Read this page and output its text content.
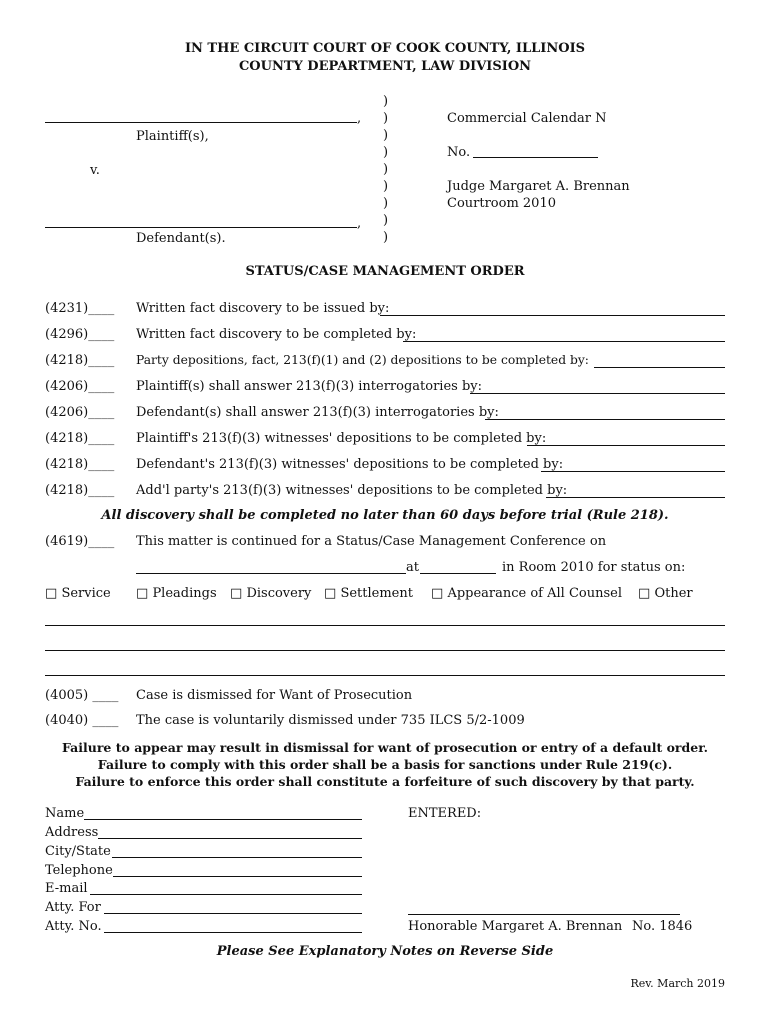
IN THE CIRCUIT COURT OF COOK COUNTY, ILLINOIS
COUNTY DEPARTMENT, LAW DIVISION
)
)
)
)
)
)
)
)
)
,
Plaintiff(s),
v.
,
Defendant(s).
Commercial Calendar N
No.
Judge Margaret A. Brennan
Courtroom 2010
STATUS/CASE MANAGEMENT ORDER
(4231)____ Written fact discovery to be issued by:
(4296)____ Written fact discovery to be completed by:
(4218)____ Party depositions, fact, 213(f)(1) and (2) depositions to be completed by:
(4206)____ Plaintiff(s) shall answer 213(f)(3) interrogatories by:
(4206)____ Defendant(s) shall answer 213(f)(3) interrogatories by:
(4218)____ Plaintiff's 213(f)(3) witnesses' depositions to be completed by:
(4218)____ Defendant's 213(f)(3) witnesses' depositions to be completed by:
(4218)____ Add'l party's 213(f)(3) witnesses' depositions to be completed by:
All discovery shall be completed no later than 60 days before trial (Rule 218).
(4619)____ This matter is continued for a Status/Case Management Conference on
at	in Room 2010 for status on:
□ Service □ Pleadings □ Discovery □ Settlement □ Appearance of All Counsel □ Other
(4005) ____ Case is dismissed for Want of Prosecution
(4040) ____ The case is voluntarily dismissed under 735 ILCS 5/2-1009
Failure to appear may result in dismissal for want of prosecution or entry of a default order.
Failure to comply with this order shall be a basis for sanctions under Rule 219(c).
Failure to enforce this order shall constitute a forfeiture of such discovery by that party.
Name
Address
City/State
Telephone
E-mail
Atty. For
Atty. No.
ENTERED:
Honorable Margaret A. Brennan No. 1846
Please See Explanatory Notes on Reverse Side
Rev. March 2019
